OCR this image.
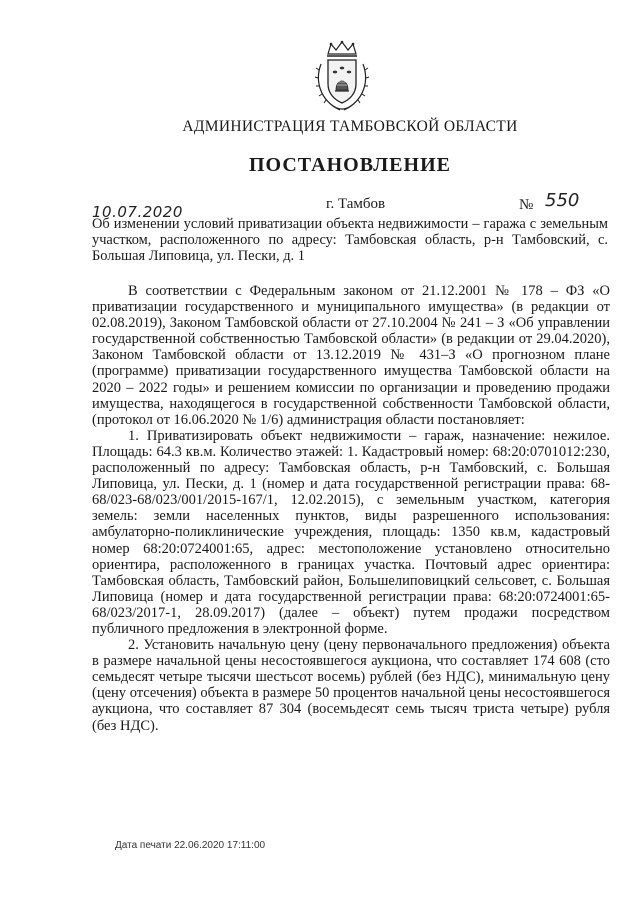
АДМИНИСТРАЦИЯ ТАМБОВСКОЙ ОБЛАСТИ
ПОСТАНОВЛЕНИЕ
10.07.2020	г. Тамбов	№ 550
Об изменении условий приватизации объекта недвижимости – гаража с земельным участком, расположенного по адресу: Тамбовская область, р-н Тамбовский, с. Большая Липовица, ул. Пески, д. 1

В соответствии с Федеральным законом от 21.12.2001 № 178 – ФЗ «О приватизации государственного и муниципального имущества» (в редакции от 02.08.2019), Законом Тамбовской области от 27.10.2004 № 241 – З «Об управлении государственной собственностью Тамбовской области» (в редакции от 29.04.2020), Законом Тамбовской области от 13.12.2019 № 431–З «О прогнозном плане (программе) приватизации государственного имущества Тамбовской области на 2020 – 2022 годы» и решением комиссии по организации и проведению продажи имущества, находящегося в государственной собственности Тамбовской области, (протокол от 16.06.2020 № 1/6) администрация области постановляет:

1. Приватизировать объект недвижимости – гараж, назначение: нежилое. Площадь: 64.3 кв.м. Количество этажей: 1. Кадастровый номер: 68:20:0701012:230, расположенный по адресу: Тамбовская область, р-н Тамбовский, с. Большая Липовица, ул. Пески, д. 1 (номер и дата государственной регистрации права: 68-68/023-68/023/001/2015-167/1, 12.02.2015), с земельным участком, категория земель: земли населенных пунктов, виды разрешенного использования: амбулаторно-поликлинические учреждения, площадь: 1350 кв.м, кадастровый номер 68:20:0724001:65, адрес: местоположение установлено относительно ориентира, расположенного в границах участка. Почтовый адрес ориентира: Тамбовская область, Тамбовский район, Большелиповицкий сельсовет, с. Большая Липовица (номер и дата государственной регистрации права: 68:20:0724001:65-68/023/2017-1, 28.09.2017) (далее – объект) путем продажи посредством публичного предложения в электронной форме.

2. Установить начальную цену (цену первоначального предложения) объекта в размере начальной цены несостоявшегося аукциона, что составляет 174 608 (сто семьдесят четыре тысячи шестьсот восемь) рублей (без НДС), минимальную цену (цену отсечения) объекта в размере 50 процентов начальной цены несостоявшегося аукциона, что составляет 87 304 (восемьдесят семь тысяч триста четыре) рубля (без НДС).

Дата печати 22.06.2020 17:11:00
